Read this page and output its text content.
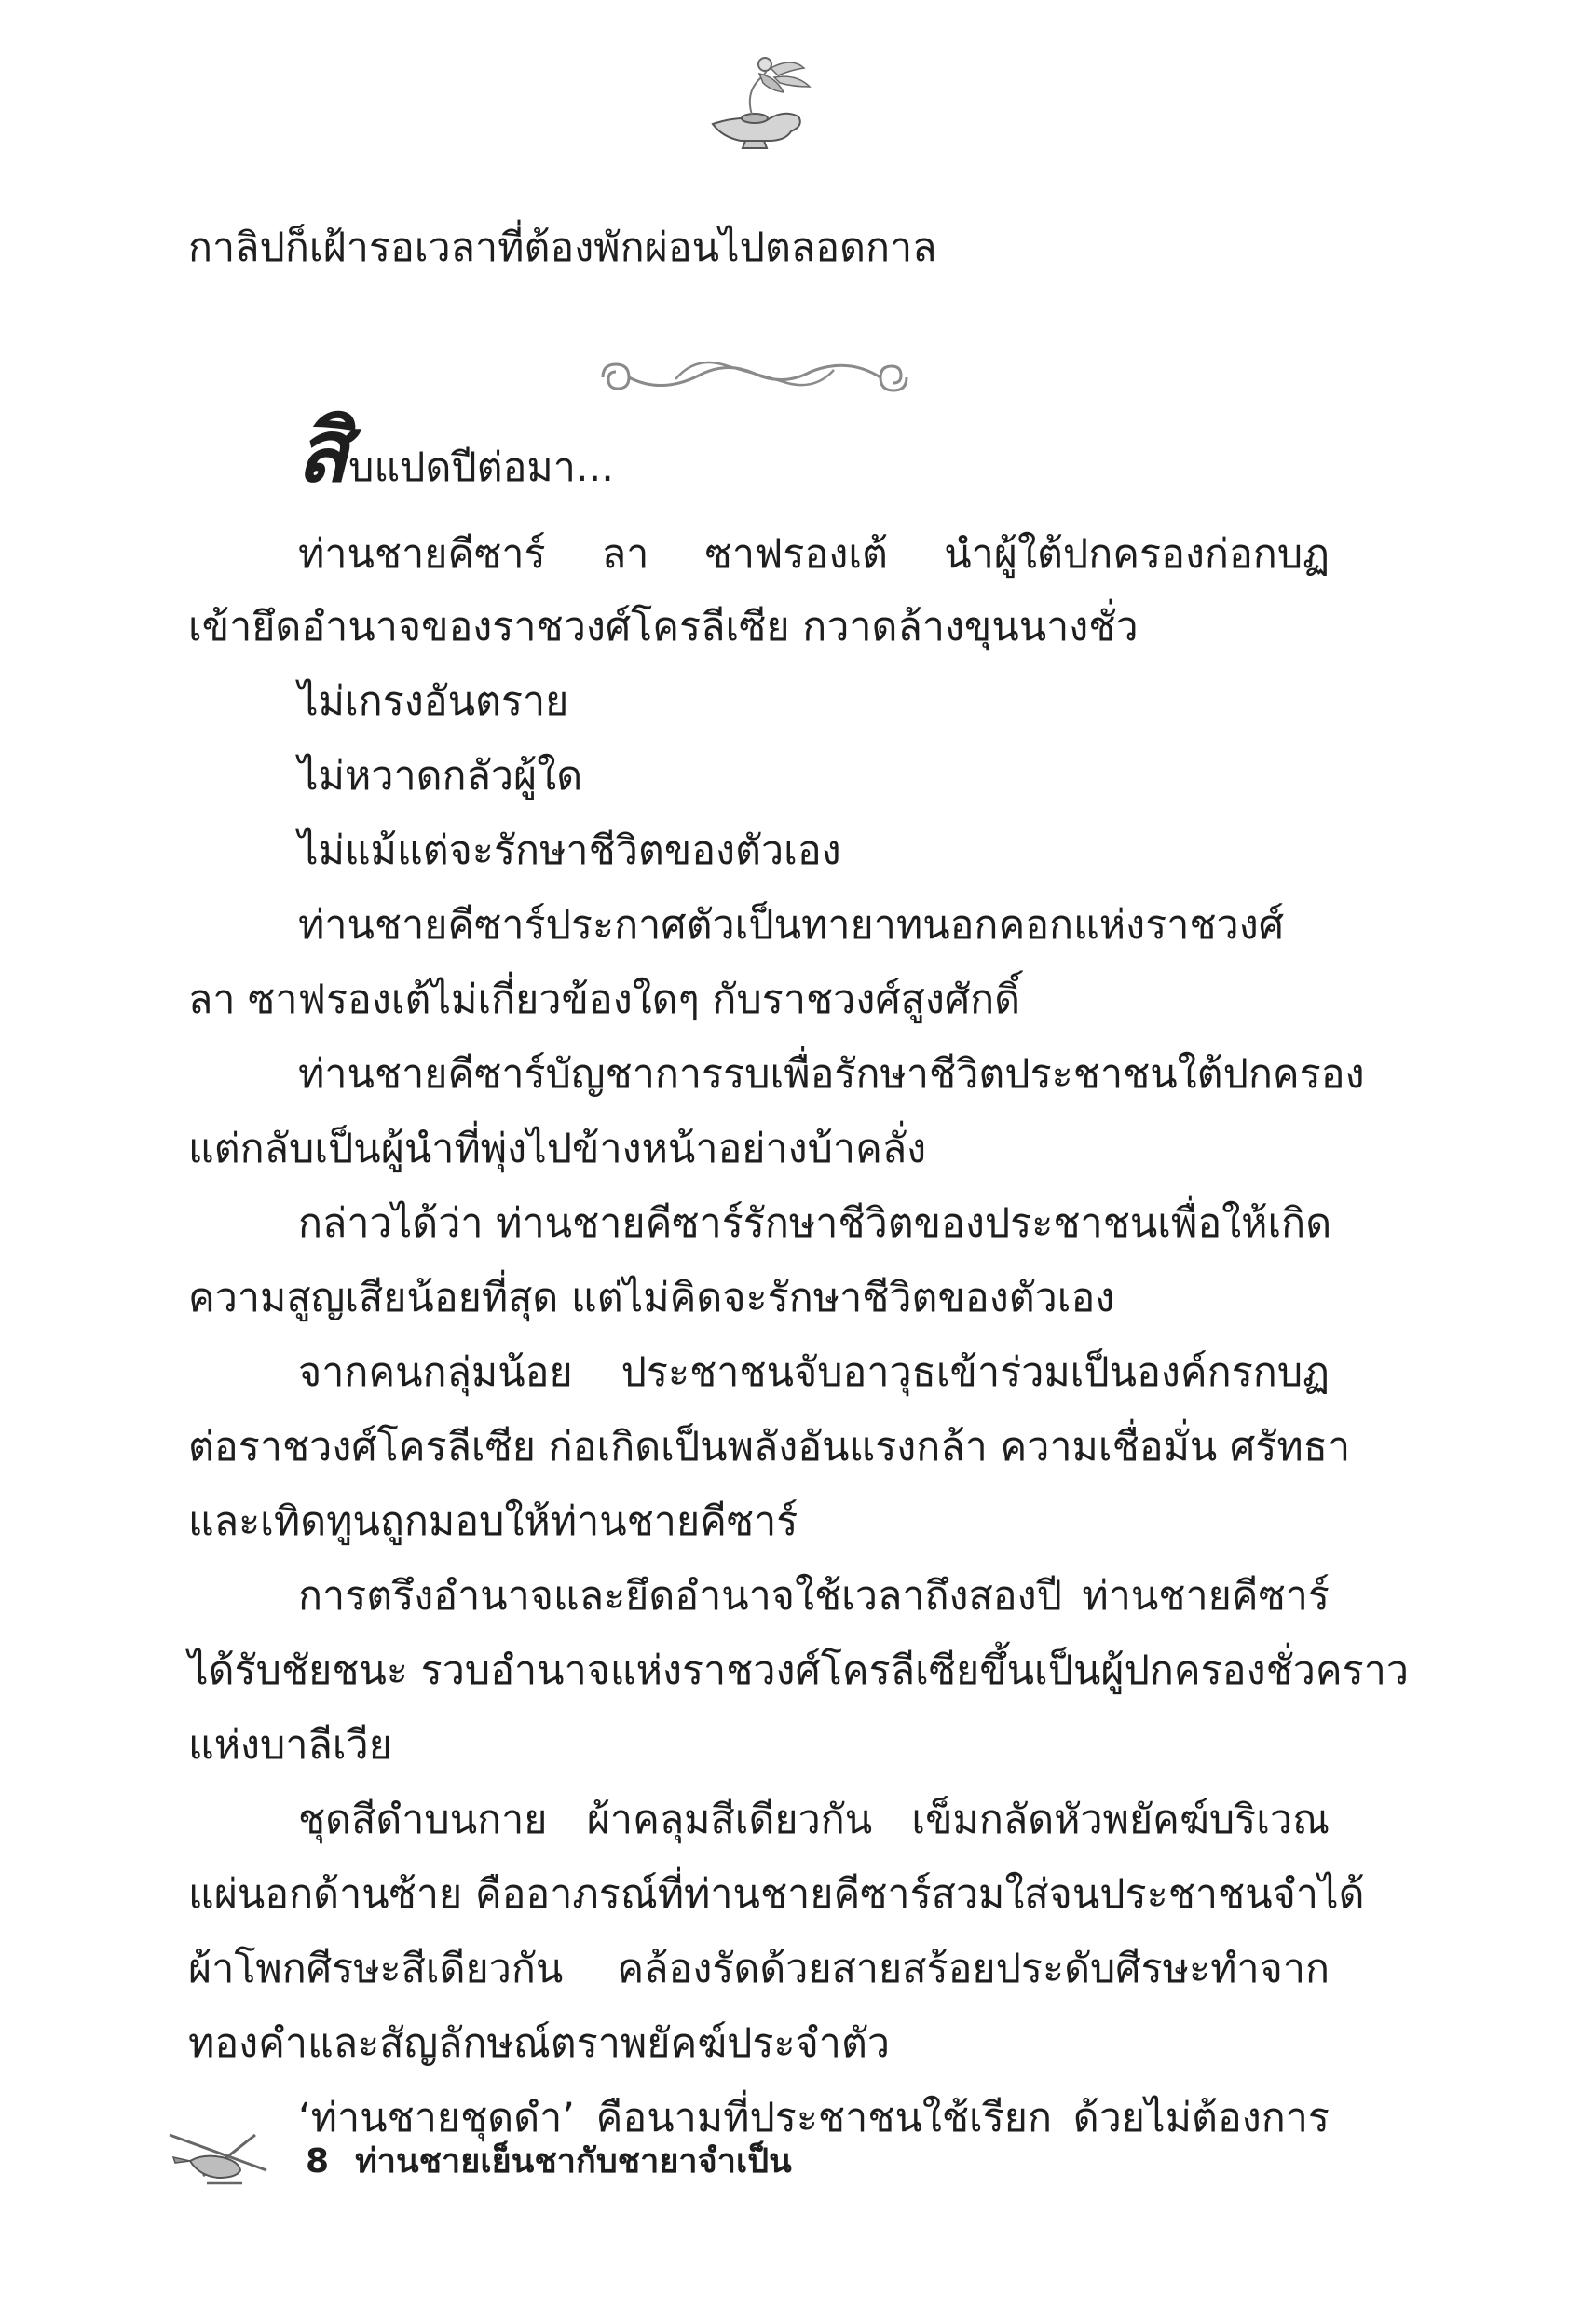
กาลิปก็เฝ้ารอเวลาที่ต้องพักผ่อนไปตลอดกาล
สิบแปดปีต่อมา...
ท่านชายคีซาร์ ลา ซาฟรองเต้ นำผู้ใต้ปกครองก่อกบฏ
เข้ายึดอำนาจของราชวงศ์โครลีเซีย กวาดล้างขุนนางชั่ว
ไม่เกรงอันตราย
ไม่หวาดกลัวผู้ใด
ไม่แม้แต่จะรักษาชีวิตของตัวเอง
ท่านชายคีซาร์ประกาศตัวเป็นทายาทนอกคอกแห่งราชวงศ์
ลา ซาฟรองเต้ไม่เกี่ยวข้องใดๆ กับราชวงศ์สูงศักดิ์
ท่านชายคีซาร์บัญชาการรบเพื่อรักษาชีวิตประชาชนใต้ปกครอง
แต่กลับเป็นผู้นำที่พุ่งไปข้างหน้าอย่างบ้าคลั่ง
กล่าวได้ว่า ท่านชายคีซาร์รักษาชีวิตของประชาชนเพื่อให้เกิด
ความสูญเสียน้อยที่สุด แต่ไม่คิดจะรักษาชีวิตของตัวเอง
จากคนกลุ่มน้อย ประชาชนจับอาวุธเข้าร่วมเป็นองค์กรกบฏ
ต่อราชวงศ์โครลีเซีย ก่อเกิดเป็นพลังอันแรงกล้า ความเชื่อมั่น ศรัทธา
และเทิดทูนถูกมอบให้ท่านชายคีซาร์
การตรึงอำนาจและยึดอำนาจใช้เวลาถึงสองปี ท่านชายคีซาร์
ได้รับชัยชนะ รวบอำนาจแห่งราชวงศ์โครลีเซียขึ้นเป็นผู้ปกครองชั่วคราว
แห่งบาลีเวีย
ชุดสีดำบนกาย ผ้าคลุมสีเดียวกัน เข็มกลัดหัวพยัคฆ์บริเวณ
แผ่นอกด้านซ้าย คืออาภรณ์ที่ท่านชายคีซาร์สวมใส่จนประชาชนจำได้
ผ้าโพกศีรษะสีเดียวกัน คล้องรัดด้วยสายสร้อยประดับศีรษะทำจาก
ทองคำและสัญลักษณ์ตราพยัคฆ์ประจำตัว
‘ท่านชายชุดดำ’ คือนามที่ประชาชนใช้เรียก ด้วยไม่ต้องการ
8 ท่านชายเย็นชากับชายาจำเป็น
